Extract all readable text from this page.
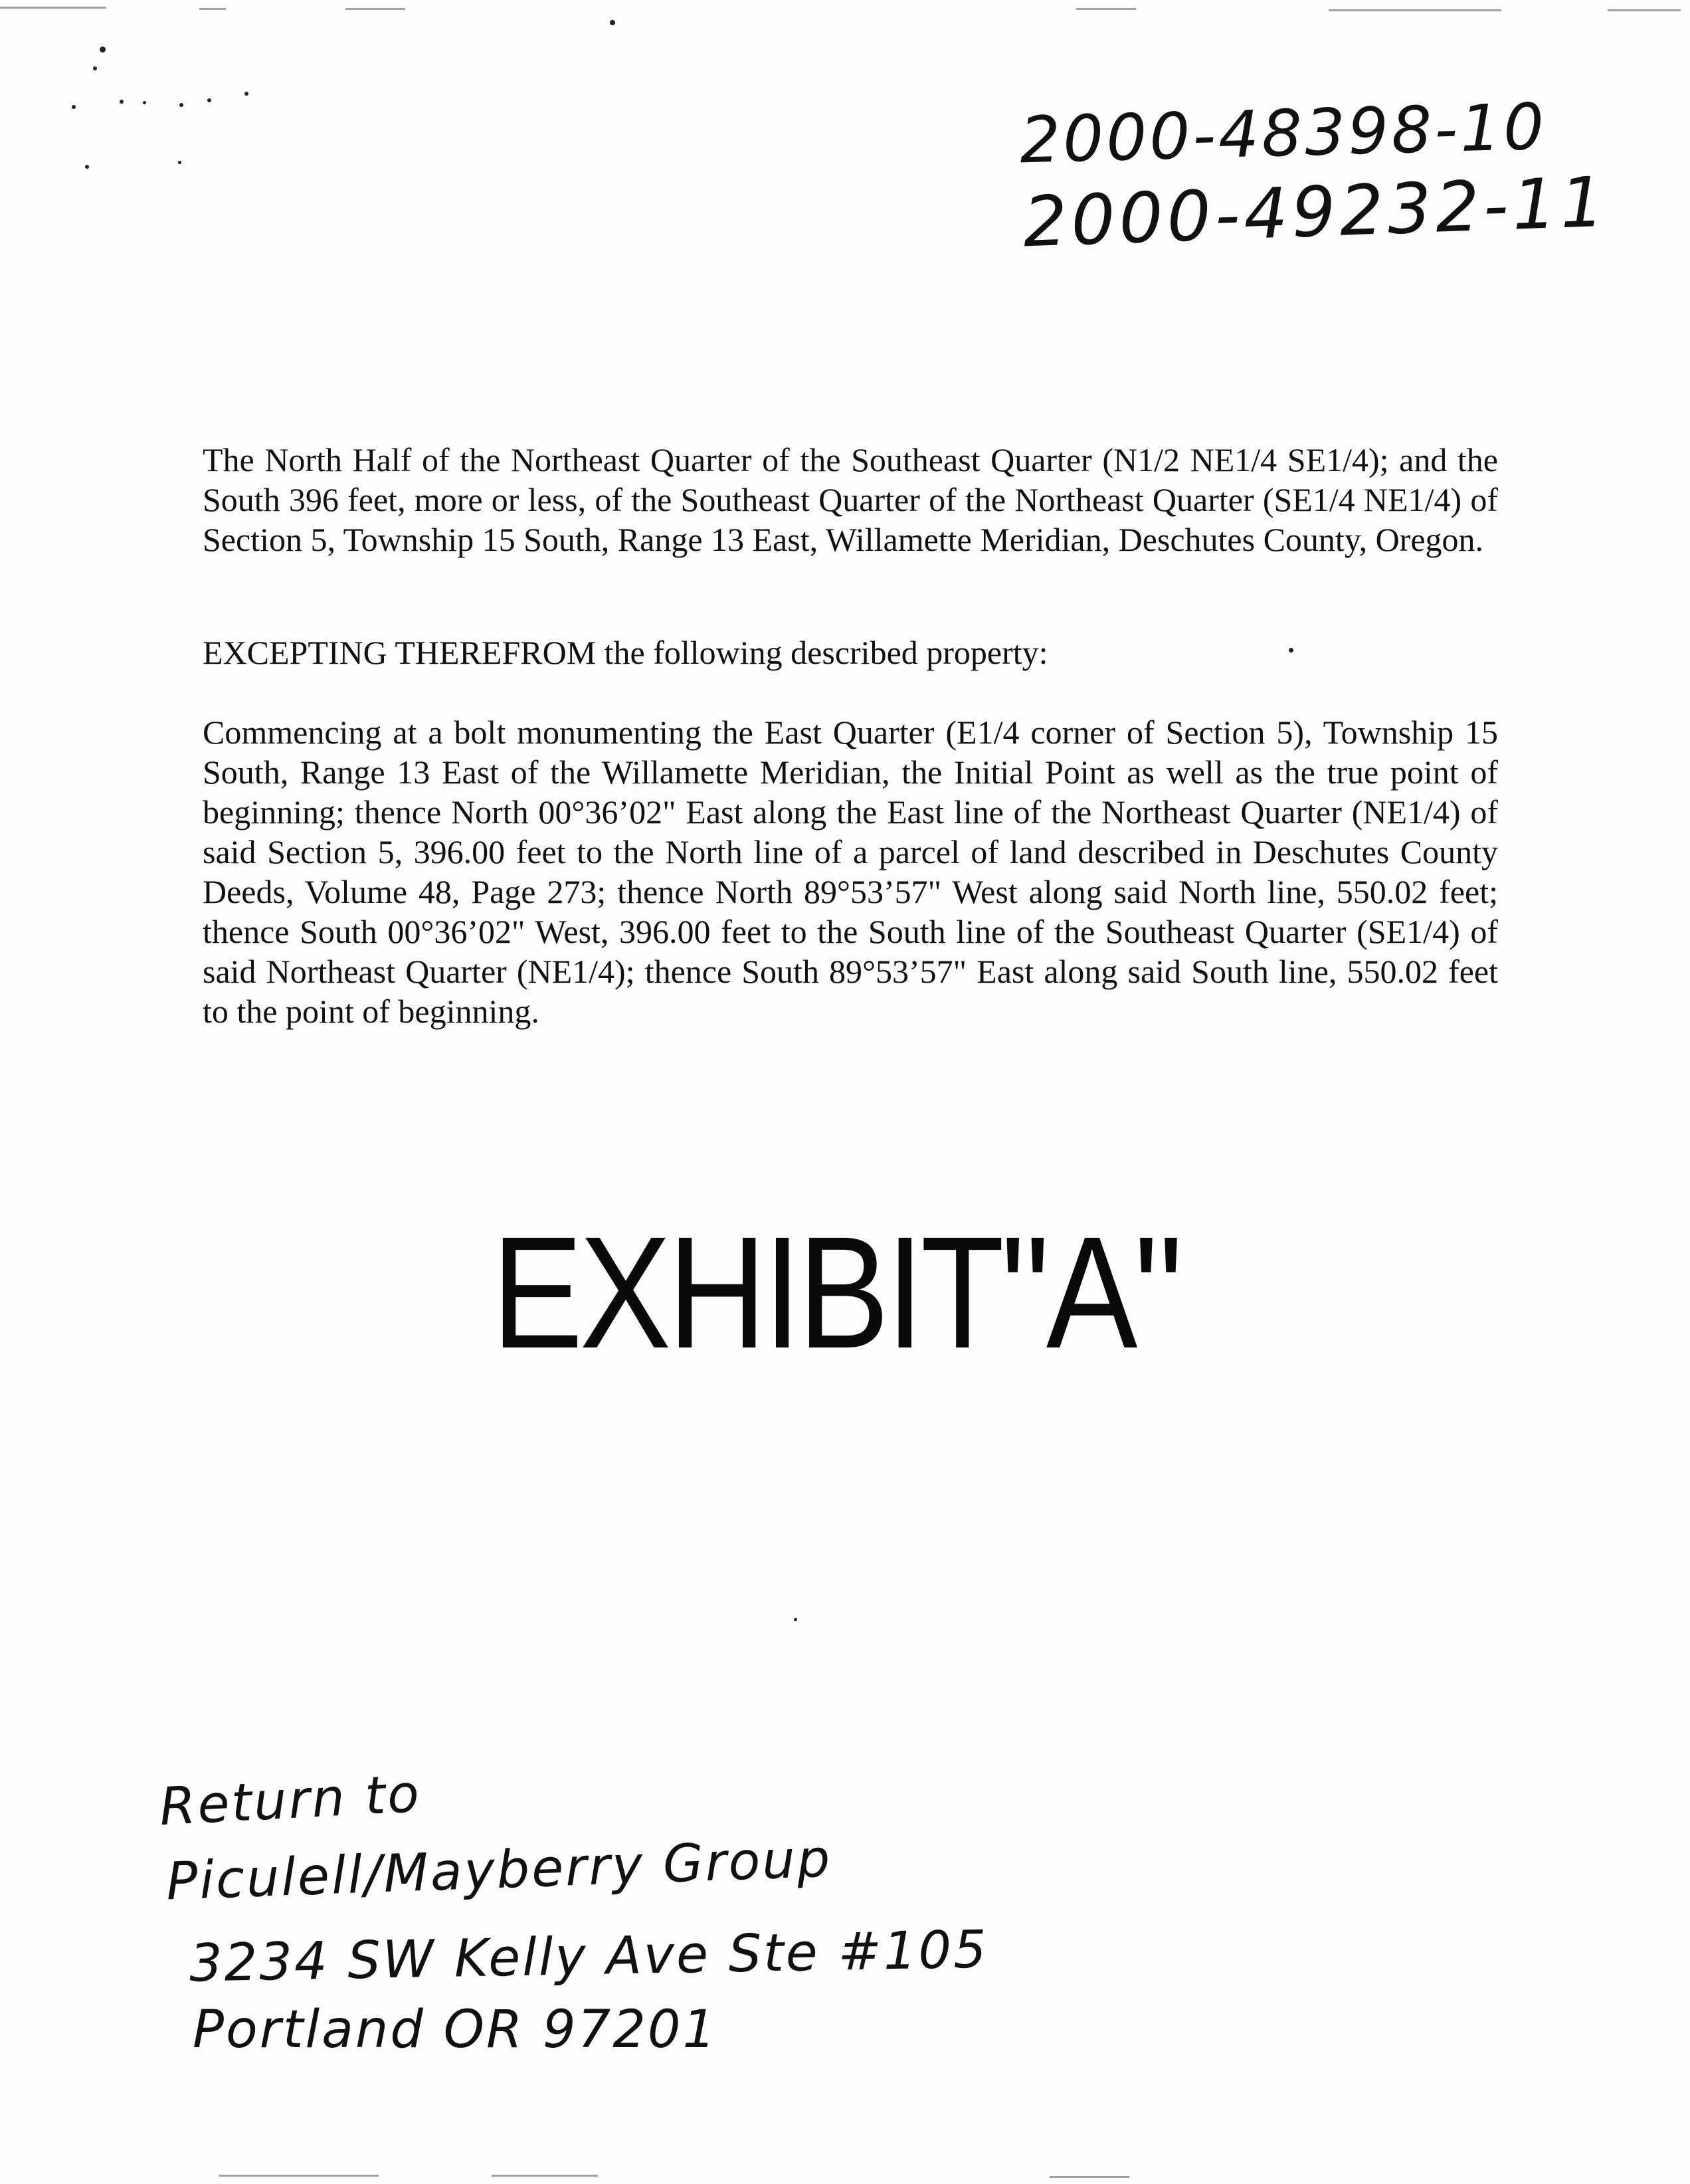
2000-48398-10
2000-49232-11
The North Half of the Northeast Quarter of the Southeast Quarter (N1/2 NE1/4 SE1/4); and the South 396 feet, more or less, of the Southeast Quarter of the Northeast Quarter (SE1/4 NE1/4) of Section 5, Township 15 South, Range 13 East, Willamette Meridian, Deschutes County, Oregon.
EXCEPTING THEREFROM the following described property:
Commencing at a bolt monumenting the East Quarter (E1/4 corner of Section 5), Township 15 South, Range 13 East of the Willamette Meridian, the Initial Point as well as the true point of beginning; thence North 00°36’02" East along the East line of the Northeast Quarter (NE1/4) of said Section 5, 396.00 feet to the North line of a parcel of land described in Deschutes County Deeds, Volume 48, Page 273; thence North 89°53’57" West along said North line, 550.02 feet; thence South 00°36’02" West, 396.00 feet to the South line of the Southeast Quarter (SE1/4) of said Northeast Quarter (NE1/4); thence South 89°53’57" East along said South line, 550.02 feet to the point of beginning.
EXHIBIT"A"
Return to
Piculell/Mayberry Group
3234 SW Kelly Ave Ste #105
Portland OR 97201
